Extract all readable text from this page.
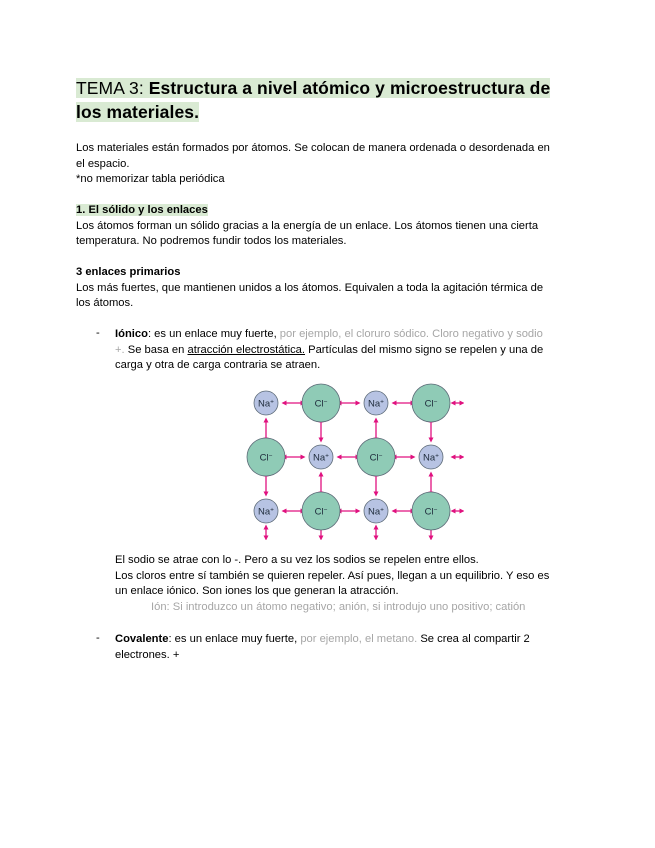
TEMA 3: Estructura a nivel atómico y microestructura de
los materiales.
Los materiales están formados por átomos. Se colocan de manera ordenada o desordenada en
el espacio.
*no memorizar tabla periódica
1. El sólido y los enlaces
Los átomos forman un sólido gracias a la energía de un enlace. Los átomos tienen una cierta
temperatura. No podremos fundir todos los materiales.
3 enlaces primarios
Los más fuertes, que mantienen unidos a los átomos. Equivalen a toda la agitación térmica de
los átomos.
- Iónico: es un enlace muy fuerte, por ejemplo, el cloruro sódico. Cloro negativo y sodio
+. Se basa en atracción electrostática. Partículas del mismo signo se repelen y una de
carga y otra de carga contraria se atraen.
El sodio se atrae con lo -. Pero a su vez los sodios se repelen entre ellos.
Los cloros entre sí también se quieren repeler. Así pues, llegan a un equilibrio. Y eso es
un enlace iónico. Son iones los que generan la atracción.
Ión: Si introduzco un átomo negativo; anión, si introdujo uno positivo; catión
- Covalente: es un enlace muy fuerte, por ejemplo, el metano. Se crea al compartir 2
electrones. +
Na+	Cl−	Na+	Cl−
Cl−	Na+	Cl−	Na+
Na+	Cl−	Na+	Cl−
